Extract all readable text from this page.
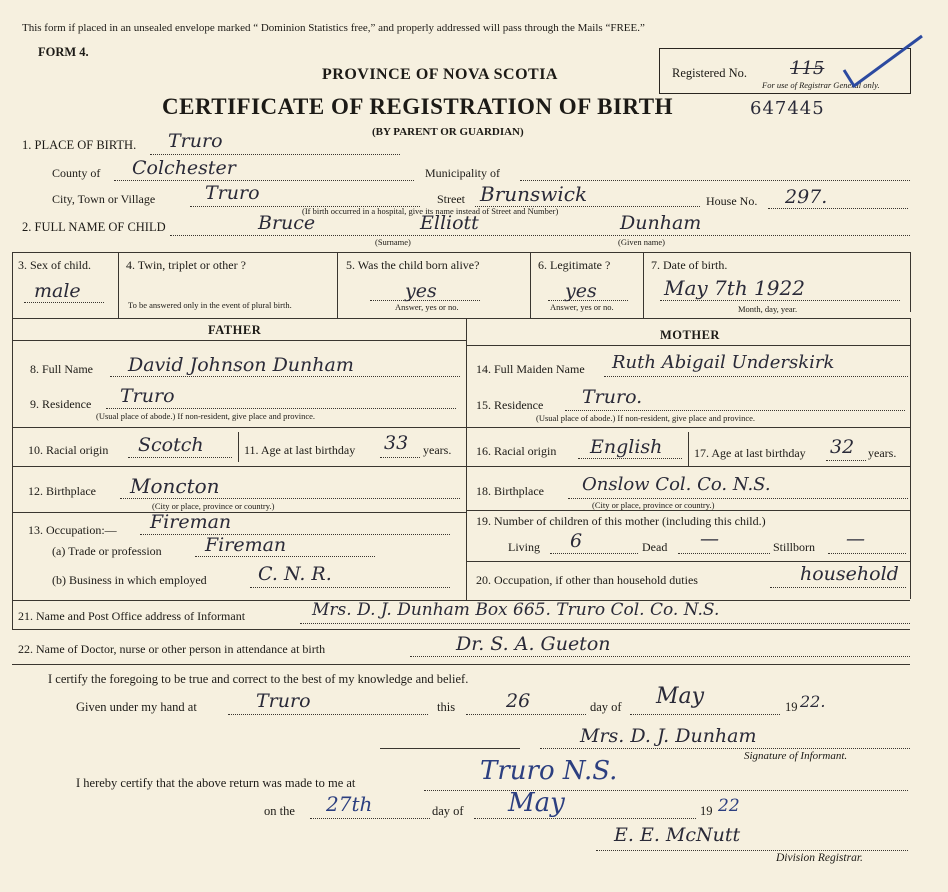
This form if placed in an unsealed envelope marked “ Dominion Statistics free,” and properly addressed will pass through the Mails “FREE.”
FORM 4.
PROVINCE OF NOVA SCOTIA
CERTIFICATE OF REGISTRATION OF BIRTH
(BY PARENT OR GUARDIAN)
647445
Registered No. 115
For use of Registrar General only.
1. PLACE OF BIRTH. Truro
County of Colchester	Municipality of
City, Town or Village	Truro	Street Brunswick	House No. 297.
(If birth occurred in a hospital, give its name instead of Street and Number)
2. FULL NAME OF CHILD	Bruce	Elliott	Dunham
(Surname)	(Given name)
3. Sex of child.
male
4. Twin, triplet or other ?
To be answered only in the event of plural birth.
5. Was the child born alive?
yes
Answer, yes or no.
6. Legitimate ?
yes
Answer, yes or no.
7. Date of birth.
May 7th 1922
Month, day, year.
FATHER	MOTHER
8. Full Name David Johnson Dunham
9. Residence Truro
(Usual place of abode.) If non-resident, give place and province.
10. Racial origin Scotch	11. Age at last birthday 33 years.
12. Birthplace Moncton
(City or place, province or country.)
13. Occupation:— Fireman
(a) Trade or profession Fireman
(b) Business in which employed	C. N. R.
14. Full Maiden Name Ruth Abigail Underskirk
15. Residence Truro.
(Usual place of abode.) If non-resident, give place and province.
16. Racial origin English	17. Age at last birthday 32 years.
18. Birthplace Onslow Col. Co. N.S.
(City or place, province or country.)
19. Number of children of this mother (including this child.)
Living 6	Dead —	Stillborn —
20. Occupation, if other than household duties	household
21. Name and Post Office address of Informant	Mrs. D. J. Dunham Box 665. Truro Col. Co. N.S.
22. Name of Doctor, nurse or other person in attendance at birth	Dr. S. A. Gueton
I certify the foregoing to be true and correct to the best of my knowledge and belief.
Given under my hand at	Truro	this	26	day of May	19 22.
Mrs. D. J. Dunham
Signature of Informant.
I hereby certify that the above return was made to me at	Truro N.S.
on the 27th	day of May	19 22
E. E. McNutt
Division Registrar.
